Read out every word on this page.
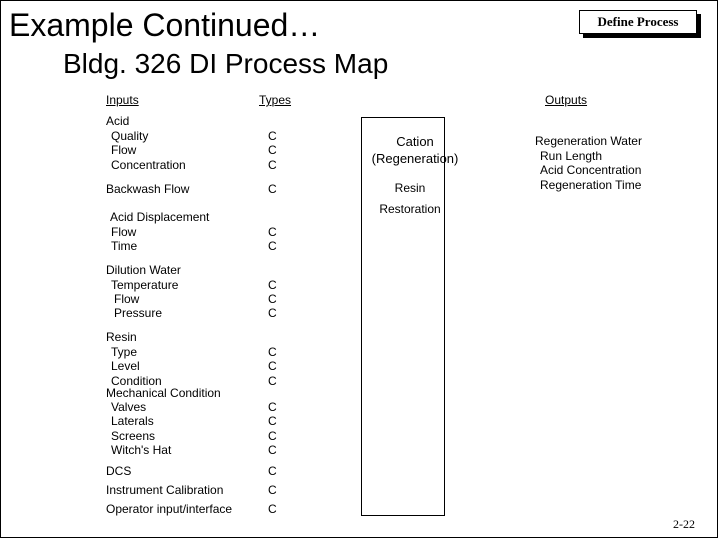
Example Continued…
Bldg. 326 DI Process Map
Define Process
Inputs	Types	Outputs
Acid
Quality
Flow
Concentration
Backwash Flow
Acid Displacement
Flow
Time
Dilution Water
Temperature
Flow
Pressure
Resin
Type
Level
Condition
Mechanical Condition
Valves
Laterals
Screens
Witch's Hat
DCS
Instrument Calibration
Operator input/interface
C
C
C
C
C
C
C
C
C
C
C
C
C
C
C
C
C
C
C
Cation
(Regeneration)
Resin
Restoration
Regeneration Water
Run Length
Acid Concentration
Regeneration Time
2-22
